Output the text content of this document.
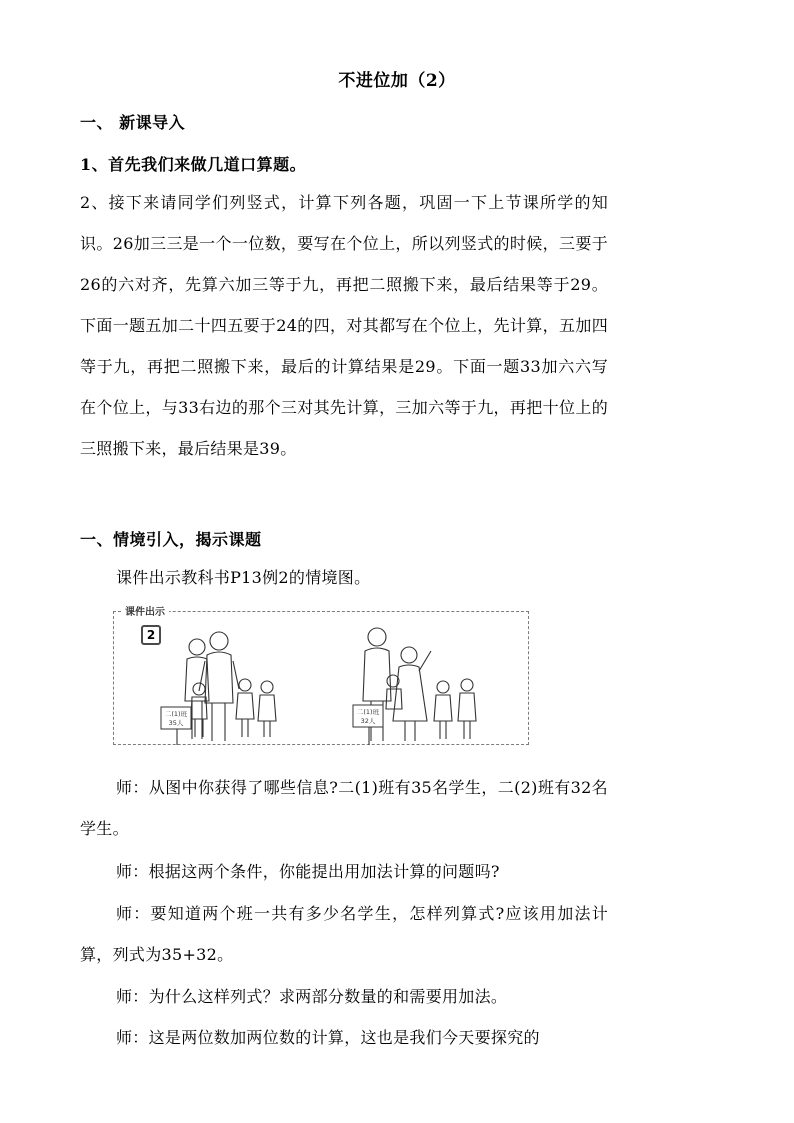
不进位加（2）
一、 新课导入
1、首先我们来做几道口算题。
2、接下来请同学们列竖式，计算下列各题，巩固一下上节课所学的知识。26加三三是一个一位数，要写在个位上，所以列竖式的时候，三要于26的六对齐，先算六加三等于九，再把二照搬下来，最后结果等于29。下面一题五加二十四五要于24的四，对其都写在个位上，先计算，五加四等于九，再把二照搬下来，最后的计算结果是29。下面一题33加六六写在个位上，与33右边的那个三对其先计算，三加六等于九，再把十位上的三照搬下来，最后结果是39。
一、情境引入，揭示课题
课件出示教科书P13例2的情境图。
课件出示
2
二(1)班
35人
二(1)班
32人
师：从图中你获得了哪些信息?二(1)班有35名学生，二(2)班有32名学生。
师：根据这两个条件，你能提出用加法计算的问题吗?
师：要知道两个班一共有多少名学生，怎样列算式?应该用加法计算，列式为35+32。
师：为什么这样列式？求两部分数量的和需要用加法。
师：这是两位数加两位数的计算，这也是我们今天要探究的
